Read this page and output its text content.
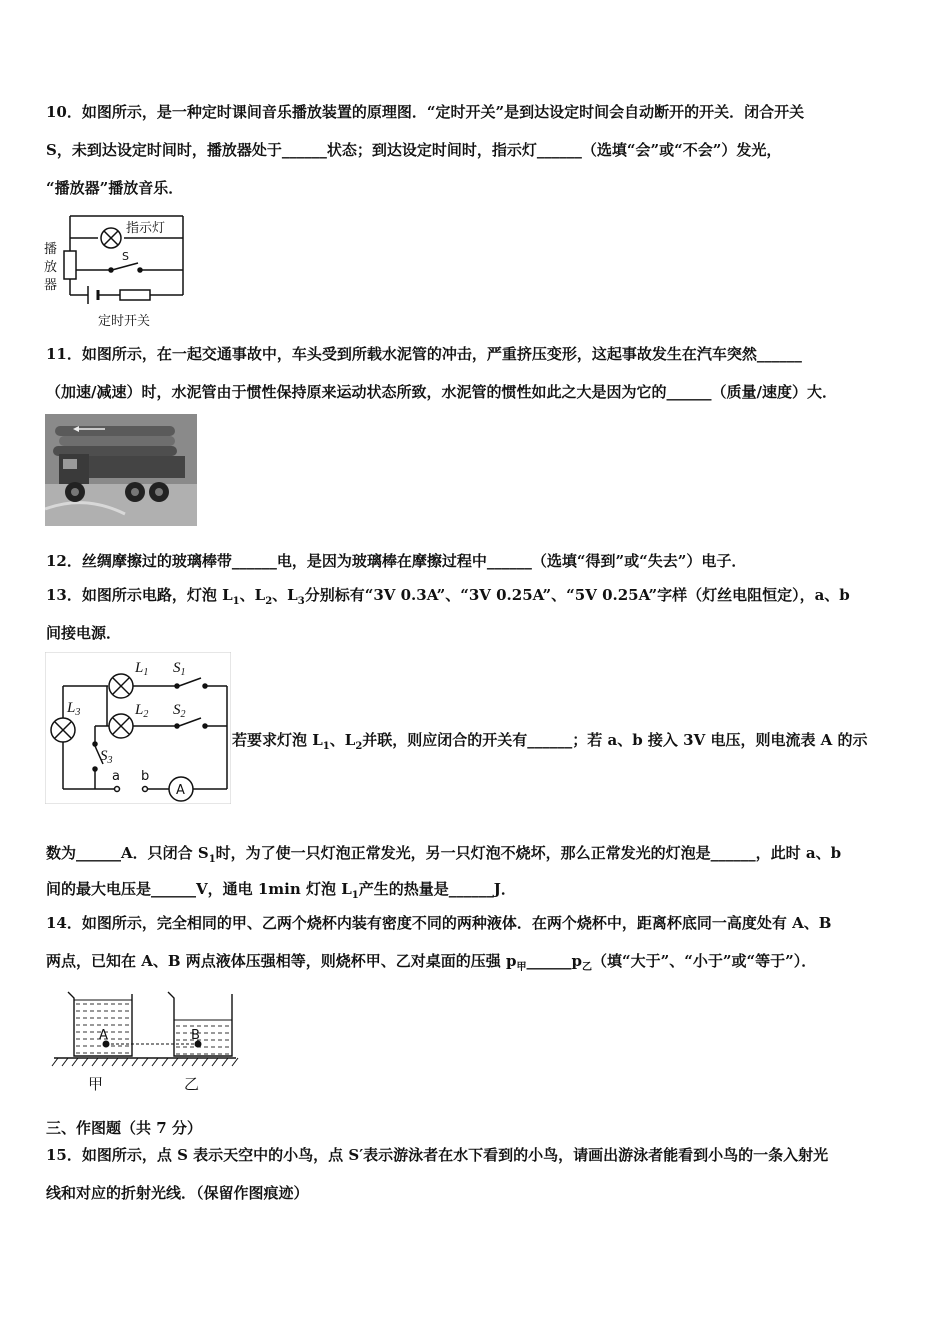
10．如图所示，是一种定时课间音乐播放装置的原理图．“定时开关”是到达设定时间会自动断开的开关．闭合开关
S，未到达设定时间时，播放器处于______状态；到达设定时间时，指示灯______（选填“会”或“不会”）发光，
“播放器”播放音乐．
指示灯
S
播
放
器
定时开关
11．如图所示，在一起交通事故中，车头受到所载水泥管的冲击，严重挤压变形，这起事故发生在汽车突然______
（加速/减速）时，水泥管由于惯性保持原来运动状态所致，水泥管的惯性如此之大是因为它的______（质量/速度）大．
12．丝绸摩擦过的玻璃棒带______电，是因为玻璃棒在摩擦过程中______（选填“得到”或“失去”）电子．
13．如图所示电路，灯泡 $L_1$、$L_2$、$L_3$分别标有“3V 0.3A”、“3V 0.25A”、“5V 0.25A”字样（灯丝电阻恒定），a、b
间接电源．
$L_1$ $S_1$
$L_2$ $S_2$
$L_3$
$S_3$
a b
A
若要求灯泡 $L_1$、$L_2$并联，则应闭合的开关有______；若 a、b 接入 3V 电压，则电流表 A 的示
数为______A．只闭合 $S_1$时，为了使一只灯泡正常发光，另一只灯泡不烧坏，那么正常发光的灯泡是______，此时 a、b
间的最大电压是______V，通电 1min 灯泡 $L_1$产生的热量是______J．
14．如图所示，完全相同的甲、乙两个烧杯内装有密度不同的两种液体．在两个烧杯中，距离杯底同一高度处有 A、B
两点，已知在 A、B 两点液体压强相等，则烧杯甲、乙对桌面的压强 $p_甲\_\_\_\_\_\_p_乙$（填“大于”、“小于”或“等于”）．
A	B
甲	乙
三、作图题（共 7 分）
15．如图所示，点 S 表示天空中的小鸟，点 S′表示游泳者在水下看到的小鸟，请画出游泳者能看到小鸟的一条入射光
线和对应的折射光线．（保留作图痕迹）
